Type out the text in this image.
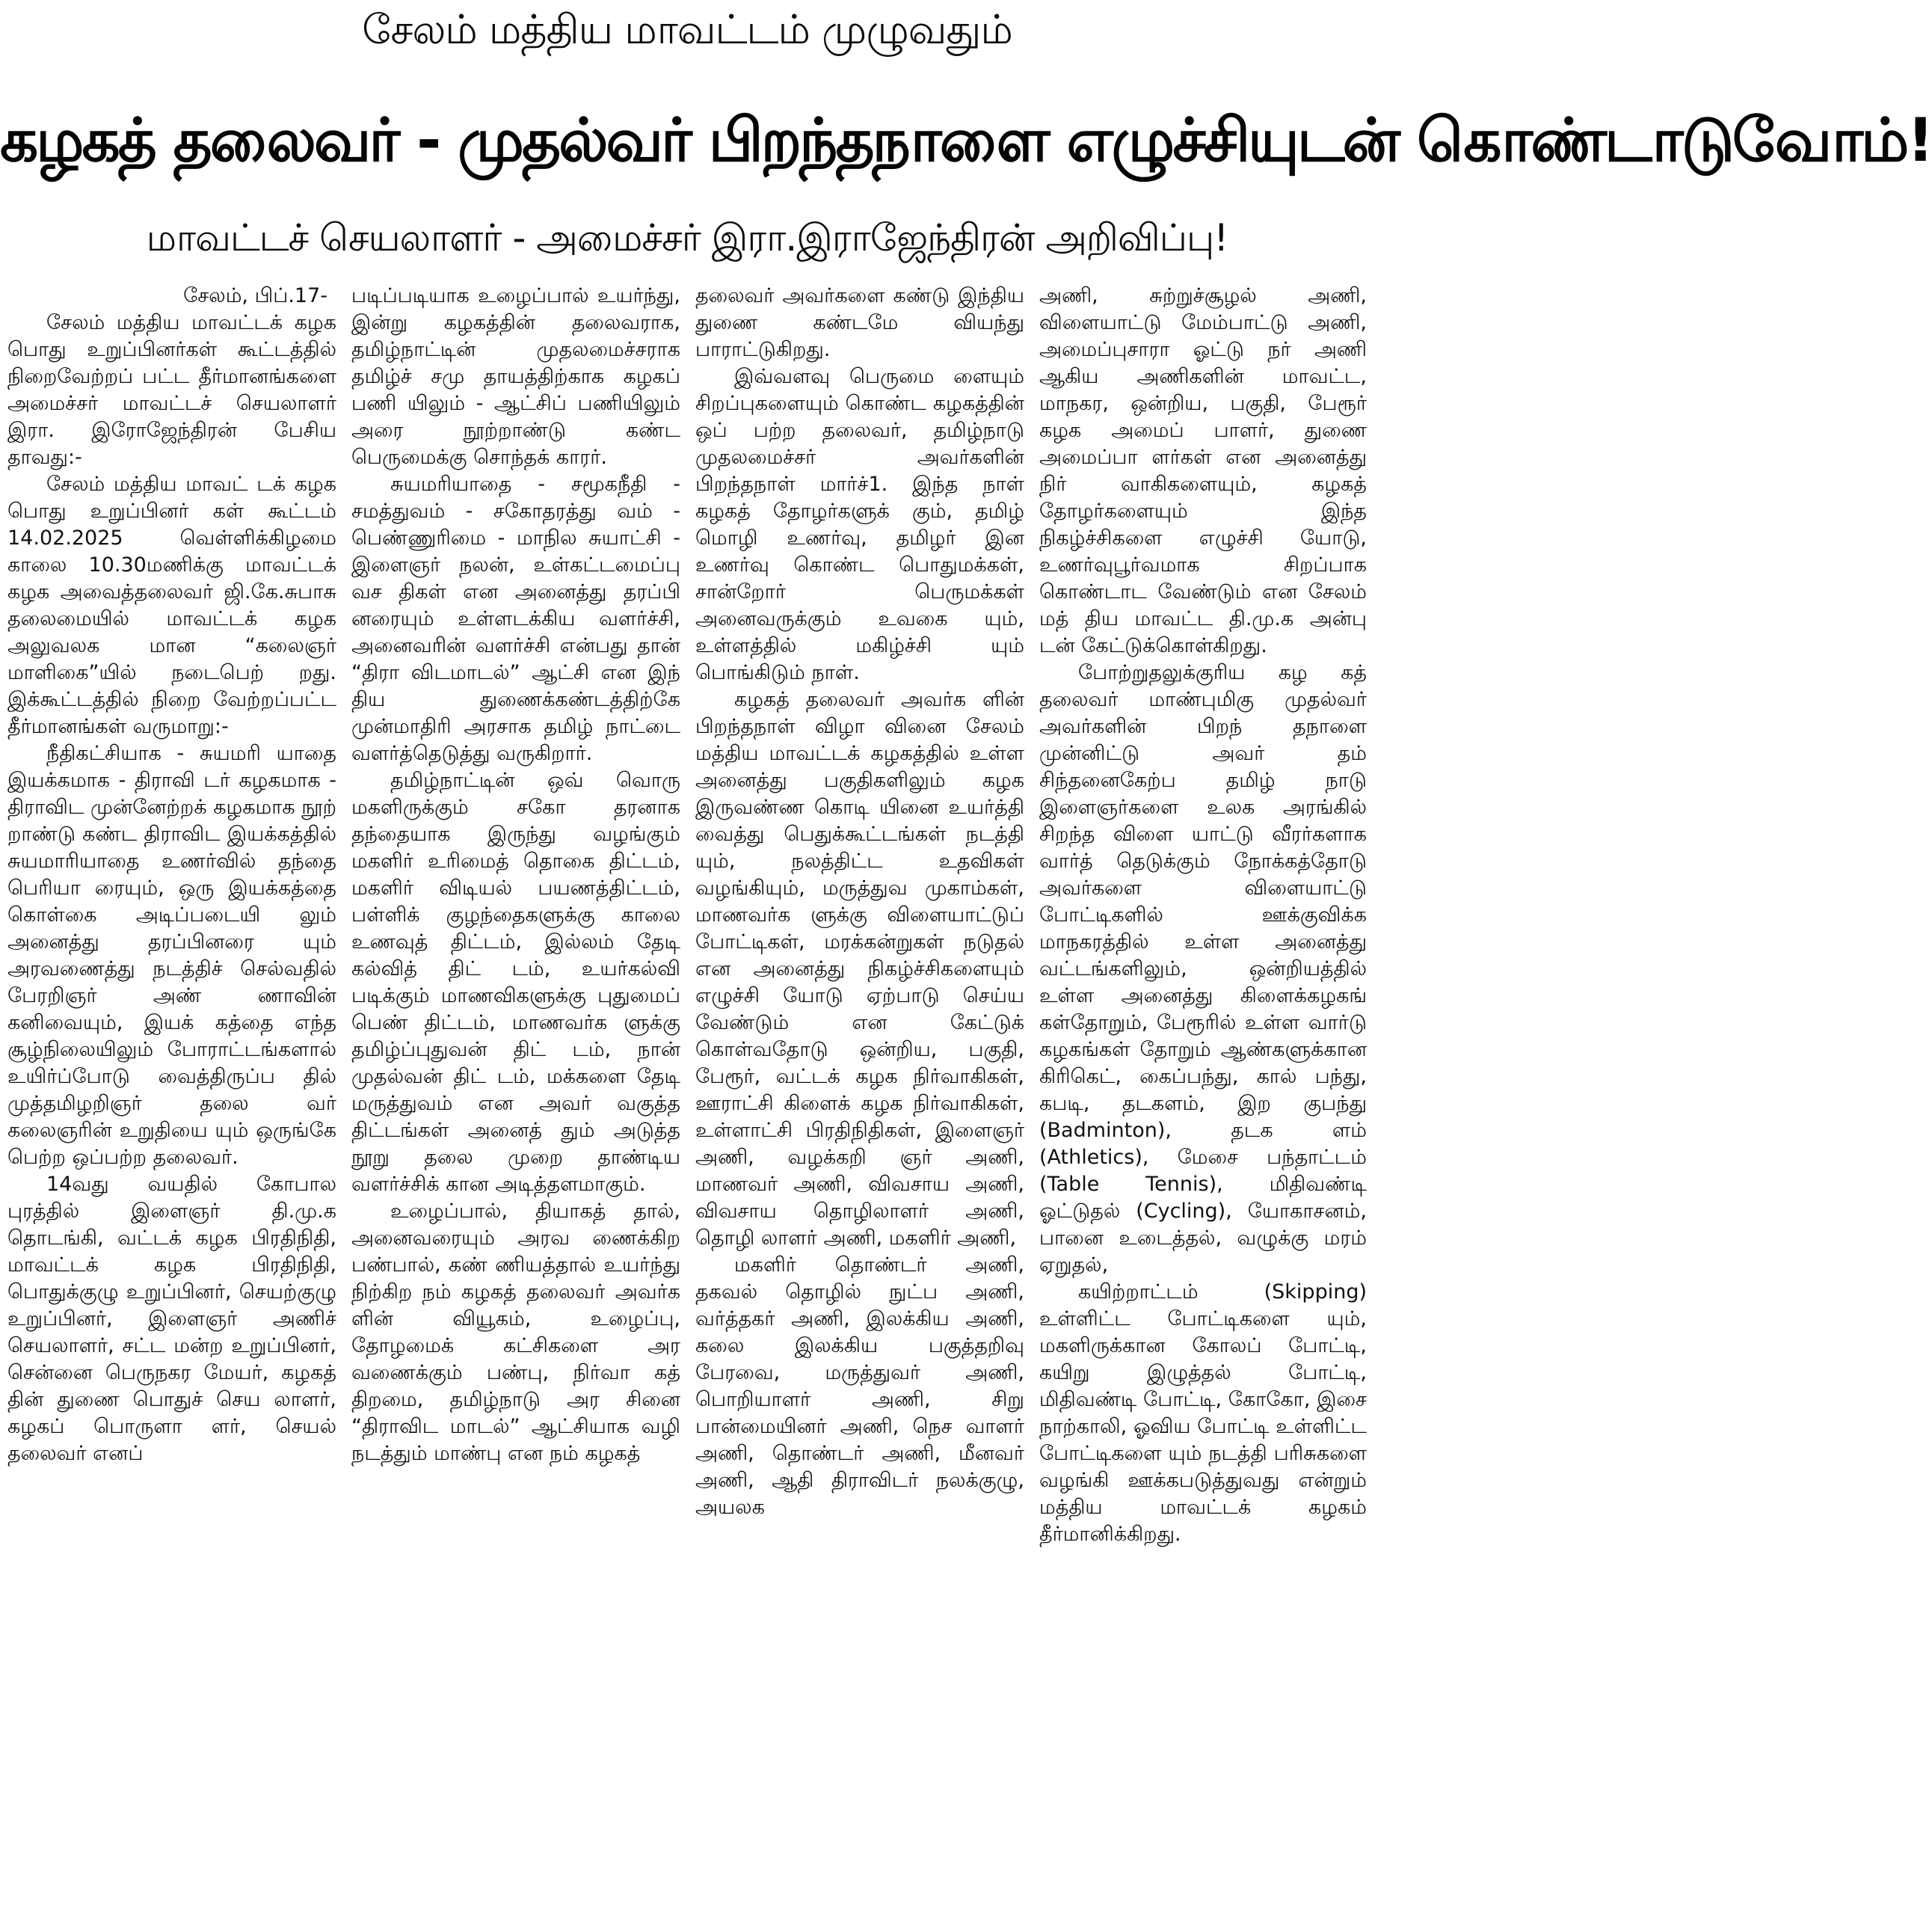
சேலம் மத்திய மாவட்டம் முழுவதும்
கழகத் தலைவர் - முதல்வர் பிறந்தநாளை எழுச்சியுடன் கொண்டாடுவோம்!
மாவட்டச் செயலாளர் - அமைச்சர் இரா.இராஜேந்திரன் அறிவிப்பு!

சேலம், பிப்.17-

சேலம் மத்திய மாவட்டக் கழக பொது உறுப்பினர்கள் கூட்டத்தில் நிறைவேற்றப் பட்ட தீர்மானங்களை அமைச்சர் மாவட்டச் செயலாளர் இரா. இரோஜேந்திரன் பேசிய தாவது:-

சேலம் மத்திய மாவட் டக் கழக பொது உறுப்பினர் கள் கூட்டம் 14.02.2025 வெள்ளிக்கிழமை காலை 10.30மணிக்கு மாவட்டக் கழக அவைத்தலைவர் ஜி.கே.சுபாசு தலைமையில் மாவட்டக் கழக அலுவலக மான “கலைஞர் மாளிகை”யில் நடைபெற் றது. இக்கூட்டத்தில் நிறை வேற்றப்பட்ட தீர்மானங்கள் வருமாறு:-

நீதிகட்சியாக - சுயமரி யாதை இயக்கமாக - திராவி டர் கழகமாக - திராவிட முன்னேற்றக் கழகமாக நூற் றாண்டு கண்ட திராவிட இயக்கத்தில் சுயமாரியாதை உணர்வில் தந்தை பெரியா ரையும், ஒரு இயக்கத்தை கொள்கை அடிப்படையி லும் அனைத்து தரப்பினரை யும் அரவணைத்து நடத்திச் செல்வதில் பேரறிஞர் அண் ணாவின் கனிவையும், இயக் கத்தை எந்த சூழ்நிலையிலும் போராட்டங்களால் உயிர்ப்போடு வைத்திருப்ப தில் முத்தமிழறிஞர் தலை வர் கலைஞரின் உறுதியை யும் ஒருங்கே பெற்ற ஒப்பற்ற தலைவர்.

14வது வயதில் கோபால புரத்தில் இளைஞர் தி.மு.க தொடங்கி, வட்டக் கழக பிரதிநிதி, மாவட்டக் கழக பிரதிநிதி, பொதுக்குழு உறுப்பினர், செயற்குழு உறுப்பினர், இளைஞர் அணிச் செயலாளர், சட்ட மன்ற உறுப்பினர், சென்னை பெருநகர மேயர், கழகத் தின் துணை பொதுச் செய லாளர், கழகப் பொருளா ளர், செயல் தலைவர் எனப்

படிப்படியாக உழைப்பால் உயர்ந்து, இன்று கழகத்தின் தலைவராக, தமிழ்நாட்டின் முதலமைச்சராக தமிழ்ச் சமு தாயத்திற்காக கழகப் பணி யிலும் - ஆட்சிப் பணியிலும் அரை நூற்றாண்டு கண்ட பெருமைக்கு சொந்தக் காரர்.

சுயமரியாதை - சமூகநீதி - சமத்துவம் - சகோதரத்து வம் - பெண்ணுரிமை - மாநில சுயாட்சி - இளைஞர் நலன், உள்கட்டமைப்பு வச திகள் என அனைத்து தரப்பி னரையும் உள்ளடக்கிய வளர்ச்சி, அனைவரின் வளர்ச்சி என்பது தான் “திரா விடமாடல்” ஆட்சி என இந் திய துணைக்கண்டத்திற்கே முன்மாதிரி அரசாக தமிழ் நாட்டை வளர்த்தெடுத்து வருகிறார்.

தமிழ்நாட்டின் ஒவ் வொரு மகளிருக்கும் சகோ தரனாக தந்தையாக இருந்து வழங்கும் மகளிர் உரிமைத் தொகை திட்டம், மகளிர் விடியல் பயணத்திட்டம், பள்ளிக் குழந்தைகளுக்கு காலை உணவுத் திட்டம், இல்லம் தேடி கல்வித் திட் டம், உயர்கல்வி படிக்கும் மாணவிகளுக்கு புதுமைப் பெண் திட்டம், மாணவர்க ளுக்கு தமிழ்ப்புதுவன் திட் டம், நான் முதல்வன் திட் டம், மக்களை தேடி மருத்துவம் என அவர் வகுத்த திட்டங்கள் அனைத் தும் அடுத்த நூறு தலை முறை தாண்டிய வளர்ச்சிக் கான அடித்தளமாகும்.

உழைப்பால், தியாகத் தால், அனைவரையும் அரவ ணைக்கிற பண்பால், கண் ணியத்தால் உயர்ந்து நிற்கிற நம் கழகத் தலைவர் அவர்க ளின் வியூகம், உழைப்பு, தோழமைக் கட்சிகளை அர வணைக்கும் பண்பு, நிர்வா கத் திறமை, தமிழ்நாடு அர சினை “திராவிட மாடல்” ஆட்சியாக வழி நடத்தும் மாண்பு என நம் கழகத்

தலைவர் அவர்களை கண்டு இந்திய துணை கண்டமே வியந்து பாராட்டுகிறது.

இவ்வளவு பெருமை ளையும் சிறப்புகளையும் கொண்ட கழகத்தின் ஒப் பற்ற தலைவர், தமிழ்நாடு முதலமைச்சர் அவர்களின் பிறந்தநாள் மார்ச்1. இந்த நாள் கழகத் தோழர்களுக் கும், தமிழ் மொழி உணர்வு, தமிழர் இன உணர்வு கொண்ட பொதுமக்கள், சான்றோர் பெருமக்கள் அனைவருக்கும் உவகை யும், உள்ளத்தில் மகிழ்ச்சி யும் பொங்கிடும் நாள்.

கழகத் தலைவர் அவர்க ளின் பிறந்தநாள் விழா வினை சேலம் மத்திய மாவட்டக் கழகத்தில் உள்ள அனைத்து பகுதிகளிலும் கழக இருவண்ண கொடி யினை உயர்த்தி வைத்து பெதுக்கூட்டங்கள் நடத்தி யும், நலத்திட்ட உதவிகள் வழங்கியும், மருத்துவ முகாம்கள், மாணவர்க ளுக்கு விளையாட்டுப் போட்டிகள், மரக்கன்றுகள் நடுதல் என அனைத்து நிகழ்ச்சிகளையும் எழுச்சி யோடு ஏற்பாடு செய்ய வேண்டும் என கேட்டுக் கொள்வதோடு ஒன்றிய, பகுதி, பேரூர், வட்டக் கழக நிர்வாகிகள், ஊராட்சி கிளைக் கழக நிர்வாகிகள், உள்ளாட்சி பிரதிநிதிகள், இளைஞர் அணி, வழக்கறி ஞர் அணி, மாணவர் அணி, விவசாய அணி, விவசாய தொழிலாளர் அணி, தொழி லாளர் அணி, மகளிர் அணி,

மகளிர் தொண்டர் அணி, தகவல் தொழில் நுட்ப அணி, வர்த்தகர் அணி, இலக்கிய அணி, கலை இலக்கிய பகுத்தறிவு பேரவை, மருத்துவர் அணி, பொறியாளர் அணி, சிறு பான்மையினர் அணி, நெச வாளர் அணி, தொண்டர் அணி, மீனவர் அணி, ஆதி திராவிடர் நலக்குழு, அயலக

அணி, சுற்றுச்சூழல் அணி, விளையாட்டு மேம்பாட்டு அணி, அமைப்புசாரா ஓட்டு நர் அணி ஆகிய அணிகளின் மாவட்ட, மாநகர, ஒன்றிய, பகுதி, பேரூர் கழக அமைப் பாளர், துணை அமைப்பா ளர்கள் என அனைத்து நிர் வாகிகளையும், கழகத் தோழர்களையும் இந்த நிகழ்ச்சிகளை எழுச்சி யோடு, உணர்வுபூர்வமாக சிறப்பாக கொண்டாட வேண்டும் என சேலம் மத் திய மாவட்ட தி.மு.க அன்பு டன் கேட்டுக்கொள்கிறது.

போற்றுதலுக்குரிய கழ கத் தலைவர் மாண்புமிகு முதல்வர் அவர்களின் பிறந் தநாளை முன்னிட்டு அவர் தம் சிந்தனைகேற்ப தமிழ் நாடு இளைஞர்களை உலக அரங்கில் சிறந்த விளை யாட்டு வீரர்களாக வார்த் தெடுக்கும் நோக்கத்தோடு அவர்களை விளையாட்டு போட்டிகளில் ஊக்குவிக்க மாநகரத்தில் உள்ள அனைத்து வட்டங்களிலும், ஒன்றியத்தில் உள்ள அனைத்து கிளைக்கழகங் கள்தோறும், பேரூரில் உள்ள வார்டு கழகங்கள் தோறும் ஆண்களுக்கான கிரிகெட், கைப்பந்து, கால் பந்து, கபடி, தடகளம், இற குபந்து (Badminton), தடக ளம் (Athletics), மேசை பந்தாட்டம் (Table Tennis), மிதிவண்டி ஓட்டுதல் (Cycling), யோகாசனம், பானை உடைத்தல், வழுக்கு மரம் ஏறுதல்,

கயிற்றாட்டம் (Skipping) உள்ளிட்ட போட்டிகளை யும், மகளிருக்கான கோலப் போட்டி, கயிறு இழுத்தல் போட்டி, மிதிவண்டி போட்டி, கோகோ, இசை நாற்காலி, ஓவிய போட்டி உள்ளிட்ட போட்டிகளை யும் நடத்தி பரிசுகளை வழங்கி ஊக்கபடுத்துவது என்றும் மத்திய மாவட்டக் கழகம் தீர்மானிக்கிறது.
